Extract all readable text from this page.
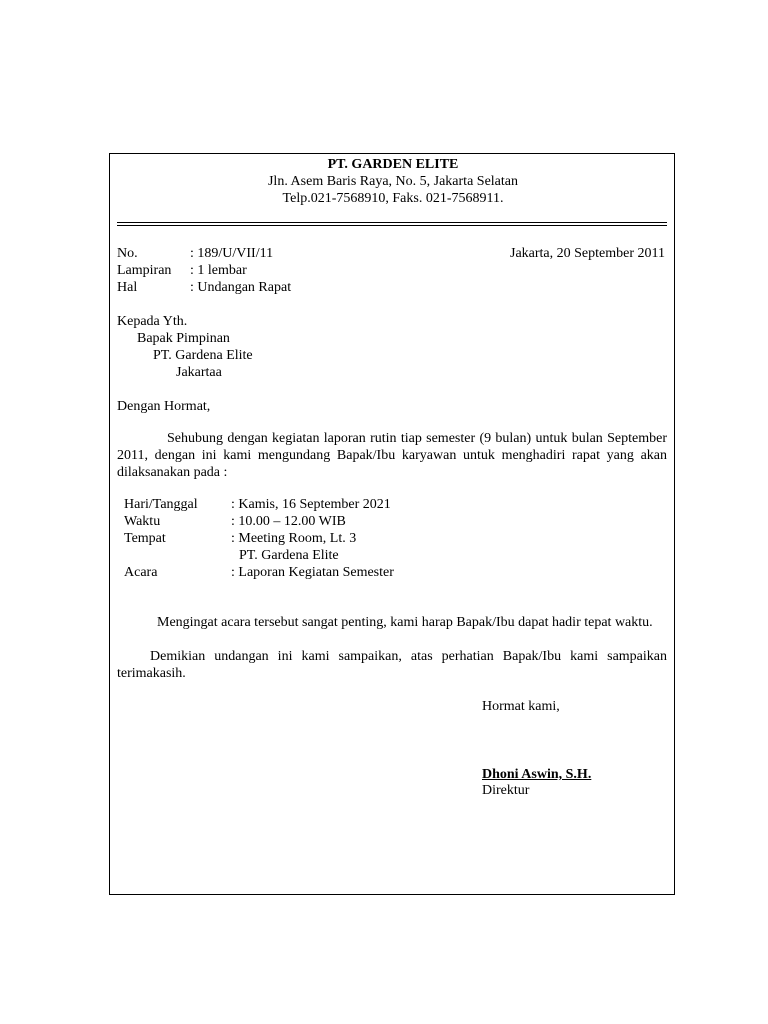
PT. GARDEN ELITE
Jln. Asem Baris Raya, No. 5, Jakarta Selatan
Telp.021-7568910, Faks. 021-7568911.
No.	: 189/U/VII/11	Jakarta, 20 September 2011
Lampiran : 1 lembar
Hal	: Undangan Rapat
Kepada Yth.
Bapak Pimpinan
PT. Gardena Elite
Jakartaa
Dengan Hormat,
Sehubung dengan kegiatan laporan rutin tiap semester (9 bulan) untuk bulan September 2011, dengan ini kami mengundang Bapak/Ibu karyawan untuk menghadiri rapat yang akan dilaksanakan pada :
Hari/Tanggal : Kamis, 16 September 2021
Waktu	: 10.00 – 12.00 WIB
Tempat	: Meeting Room, Lt. 3
PT. Gardena Elite
Acara	: Laporan Kegiatan Semester
Mengingat acara tersebut sangat penting, kami harap Bapak/Ibu dapat hadir tepat waktu.
Demikian undangan ini kami sampaikan, atas perhatian Bapak/Ibu kami sampaikan terimakasih.
Hormat kami,
Dhoni Aswin, S.H.
Direktur
